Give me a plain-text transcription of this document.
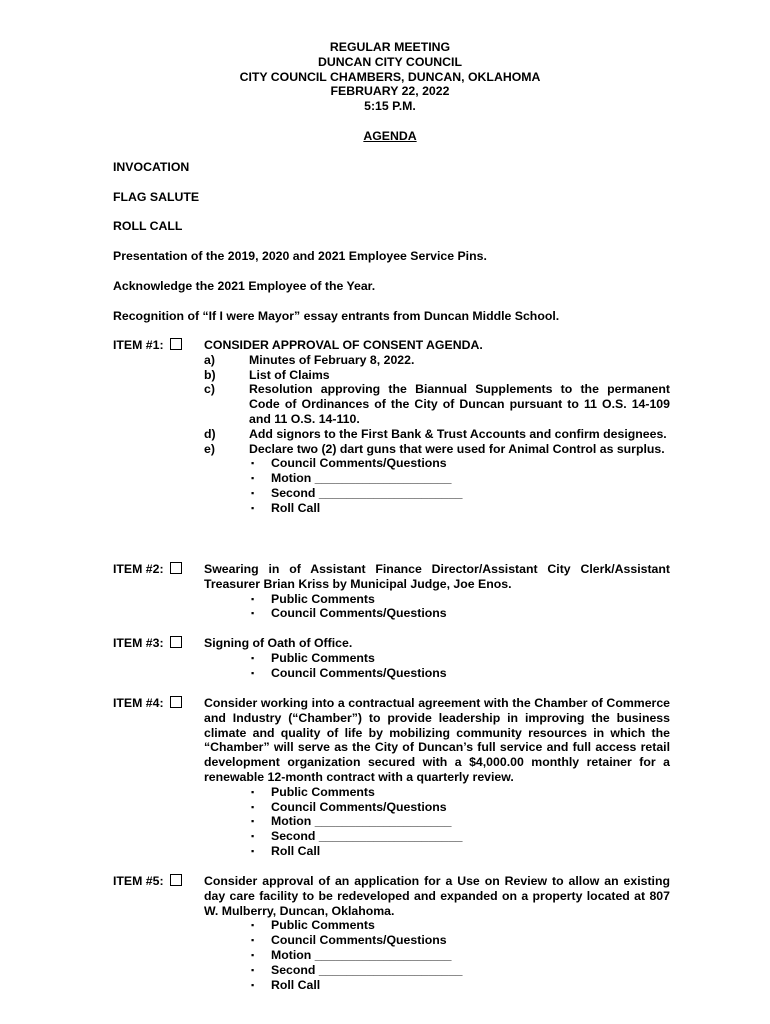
REGULAR MEETING
DUNCAN CITY COUNCIL
CITY COUNCIL CHAMBERS, DUNCAN, OKLAHOMA
FEBRUARY 22, 2022
5:15 P.M.
AGENDA
INVOCATION
FLAG SALUTE
ROLL CALL
Presentation of the 2019, 2020 and 2021 Employee Service Pins.
Acknowledge the 2021 Employee of the Year.
Recognition of “If I were Mayor” essay entrants from Duncan Middle School.
ITEM #1:	CONSIDER APPROVAL OF CONSENT AGENDA.
a)	Minutes of February 8, 2022.
b)	List of Claims
c)	Resolution approving the Biannual Supplements to the permanent Code of Ordinances of the City of Duncan pursuant to 11 O.S. 14-109 and 11 O.S. 14-110.
d)	Add signors to the First Bank & Trust Accounts and confirm designees.
e)	Declare two (2) dart guns that were used for Animal Control as surplus.
▪ Council Comments/Questions
▪ Motion ____________________
▪ Second _____________________
▪ Roll Call
ITEM #2:	Swearing in of Assistant Finance Director/Assistant City Clerk/Assistant Treasurer Brian Kriss by Municipal Judge, Joe Enos.
▪ Public Comments
▪ Council Comments/Questions
ITEM #3:	Signing of Oath of Office.
▪ Public Comments
▪ Council Comments/Questions
ITEM #4:	Consider working into a contractual agreement with the Chamber of Commerce and Industry (“Chamber”) to provide leadership in improving the business climate and quality of life by mobilizing community resources in which the “Chamber” will serve as the City of Duncan’s full service and full access retail development organization secured with a $4,000.00 monthly retainer for a renewable 12-month contract with a quarterly review.
▪ Public Comments
▪ Council Comments/Questions
▪ Motion ____________________
▪ Second _____________________
▪ Roll Call
ITEM #5:	Consider approval of an application for a Use on Review to allow an existing day care facility to be redeveloped and expanded on a property located at 807 W. Mulberry, Duncan, Oklahoma.
▪ Public Comments
▪ Council Comments/Questions
▪ Motion ____________________
▪ Second _____________________
▪ Roll Call
